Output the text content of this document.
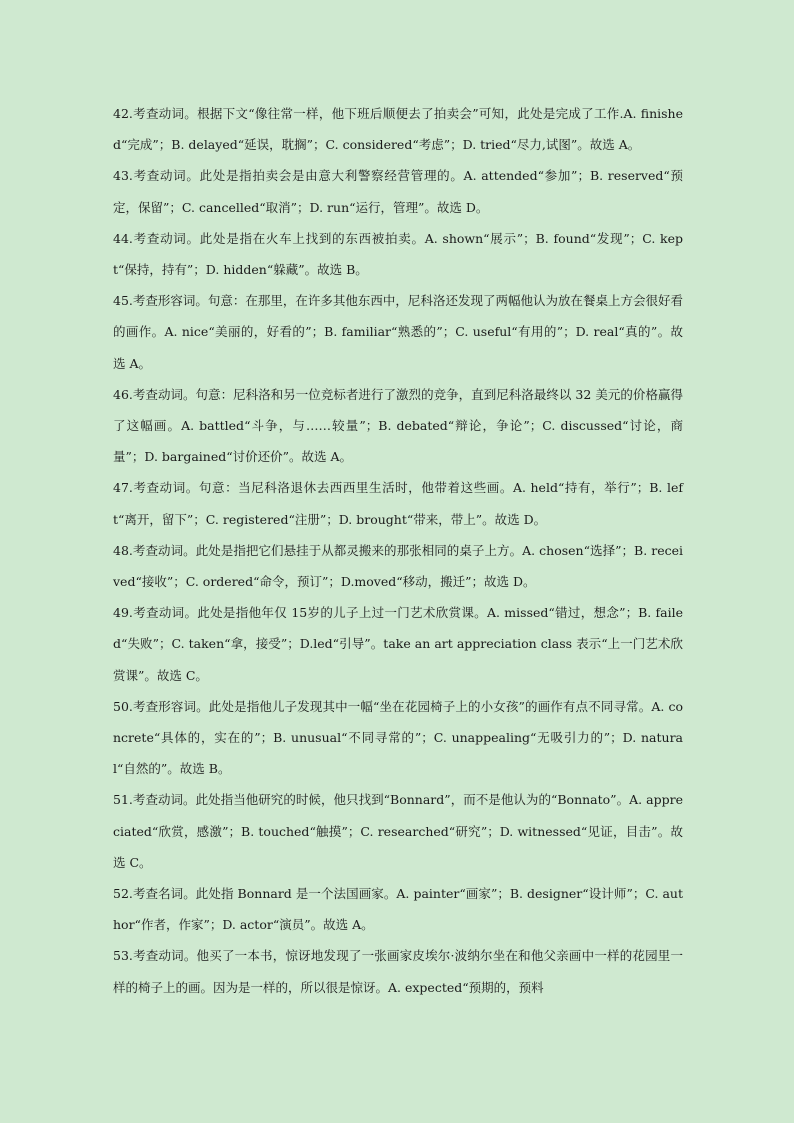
42.考查动词。根据下文“像往常一样，他下班后顺便去了拍卖会”可知，此处是完成了工作.A. finished“完成”；B. delayed“延误，耽搁”；C. considered“考虑”；D. tried“尽力,试图”。故选 A。

43.考查动词。此处是指拍卖会是由意大利警察经营管理的。A. attended“参加”；B. reserved“预定，保留”；C. cancelled“取消”；D. run“运行，管理”。故选 D。

44.考查动词。此处是指在火车上找到的东西被拍卖。A. shown“展示”；B. found“发现”；C. kept“保持，持有”；D. hidden“躲藏”。故选 B。

45.考查形容词。句意：在那里，在许多其他东西中，尼科洛还发现了两幅他认为放在餐桌上方会很好看的画作。A. nice“美丽的，好看的”；B. familiar“熟悉的”；C. useful“有用的”；D. real“真的”。故选 A。

46.考查动词。句意：尼科洛和另一位竞标者进行了激烈的竞争，直到尼科洛最终以 32 美元的价格赢得了这幅画。A. battled“斗争，与……较量”；B. debated“辩论，争论”；C. discussed“讨论，商量”；D. bargained“讨价还价”。故选 A。

47.考查动词。句意：当尼科洛退休去西西里生活时，他带着这些画。A. held“持有，举行”；B. left“离开，留下”；C. registered“注册”；D. brought“带来，带上”。故选 D。

48.考查动词。此处是指把它们悬挂于从都灵搬来的那张相同的桌子上方。A. chosen“选择”；B. received“接收”；C. ordered“命令，预订”；D.moved“移动，搬迁”；故选 D。

49.考查动词。此处是指他年仅 15岁的儿子上过一门艺术欣赏课。A. missed“错过，想念”；B. failed“失败”；C. taken“拿，接受”；D.led“引导”。take an art appreciation class 表示“上一门艺术欣赏课”。故选 C。

50.考查形容词。此处是指他儿子发现其中一幅“坐在花园椅子上的小女孩”的画作有点不同寻常。A. concrete“具体的，实在的”；B. unusual“不同寻常的”；C. unappealing“无吸引力的”；D. natural“自然的”。故选 B。

51.考查动词。此处指当他研究的时候，他只找到“Bonnard”，而不是他认为的“Bonnato”。A. appreciated“欣赏，感激”；B. touched“触摸”；C. researched“研究”；D. witnessed“见证，目击”。故选 C。

52.考查名词。此处指 Bonnard 是一个法国画家。A. painter“画家”；B. designer“设计师”；C. author“作者，作家”；D. actor“演员”。故选 A。

53.考查动词。他买了一本书，惊讶地发现了一张画家皮埃尔·波纳尔坐在和他父亲画中一样的花园里一样的椅子上的画。因为是一样的，所以很是惊讶。A. expected“预期的，预料
